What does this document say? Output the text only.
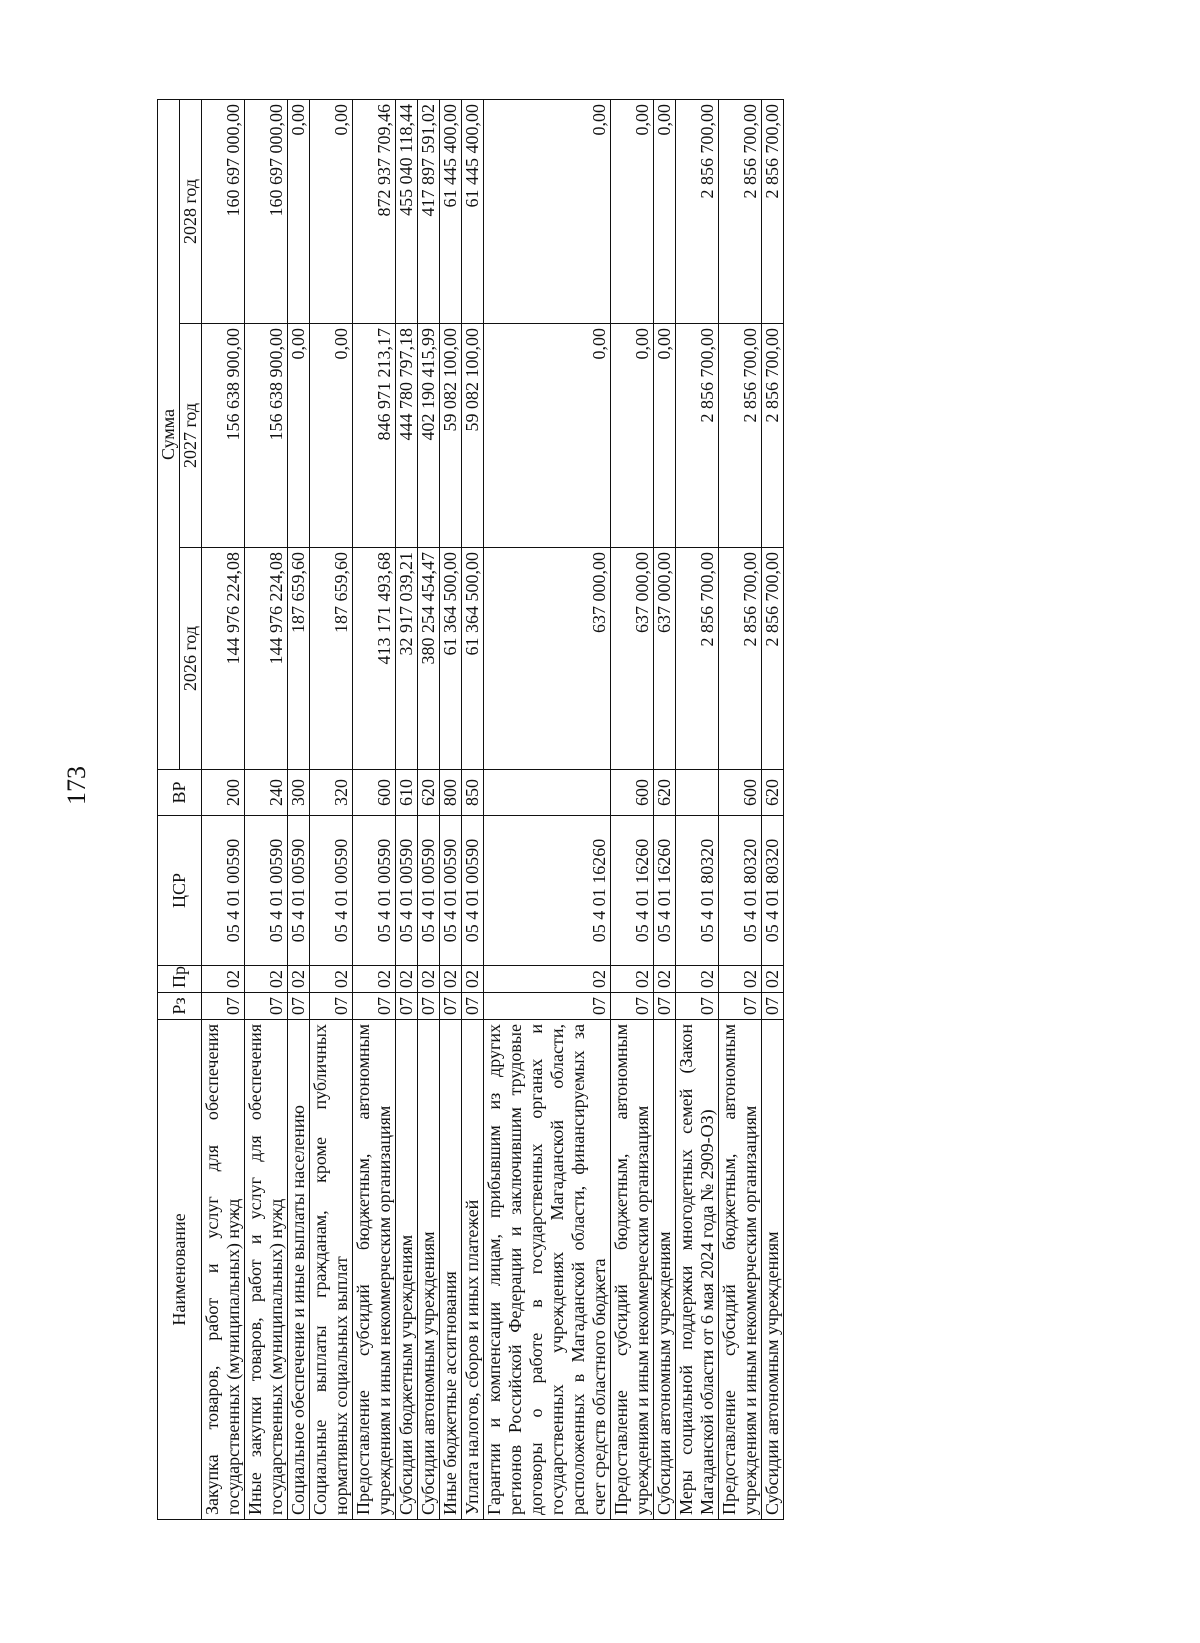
173
Наименование	Рз	Пр	ЦСР	ВР	Сумма		
					2026 год	2027 год	2028 год
Закупка товаров, работ и услуг для обеспечения государственных (муниципальных) нужд	07	02	05 4 01 00590	200	144 976 224,08	156 638 900,00	160 697 000,00
Иные закупки товаров, работ и услуг для обеспечения государственных (муниципальных) нужд	07	02	05 4 01 00590	240	144 976 224,08	156 638 900,00	160 697 000,00
Социальное обеспечение и иные выплаты населению	07	02	05 4 01 00590	300	187 659,60	0,00	0,00
Социальные выплаты гражданам, кроме публичных нормативных социальных выплат	07	02	05 4 01 00590	320	187 659,60	0,00	0,00
Предоставление субсидий бюджетным, автономным учреждениям и иным некоммерческим организациям	07	02	05 4 01 00590	600	413 171 493,68	846 971 213,17	872 937 709,46
Субсидии бюджетным учреждениям	07	02	05 4 01 00590	610	32 917 039,21	444 780 797,18	455 040 118,44
Субсидии автономным учреждениям	07	02	05 4 01 00590	620	380 254 454,47	402 190 415,99	417 897 591,02
Иные бюджетные ассигнования	07	02	05 4 01 00590	800	61 364 500,00	59 082 100,00	61 445 400,00
Уплата налогов, сборов и иных платежей	07	02	05 4 01 00590	850	61 364 500,00	59 082 100,00	61 445 400,00
Гарантии и компенсации лицам, прибывшим из других регионов Российской Федерации и заключившим трудовые договоры о работе в государственных органах и государственных учреждениях Магаданской области, расположенных в Магаданской области, финансируемых за счет средств областного бюджета	07	02	05 4 01 16260		637 000,00	0,00	0,00
Предоставление субсидий бюджетным, автономным учреждениям и иным некоммерческим организациям	07	02	05 4 01 16260	600	637 000,00	0,00	0,00
Субсидии автономным учреждениям	07	02	05 4 01 16260	620	637 000,00	0,00	0,00
Меры социальной поддержки многодетных семей (Закон Магаданской области от 6 мая 2024 года № 2909-ОЗ)	07	02	05 4 01 80320		2 856 700,00	2 856 700,00	2 856 700,00
Предоставление субсидий бюджетным, автономным учреждениям и иным некоммерческим организациям	07	02	05 4 01 80320	600	2 856 700,00	2 856 700,00	2 856 700,00
Субсидии автономным учреждениям	07	02	05 4 01 80320	620	2 856 700,00	2 856 700,00	2 856 700,00
